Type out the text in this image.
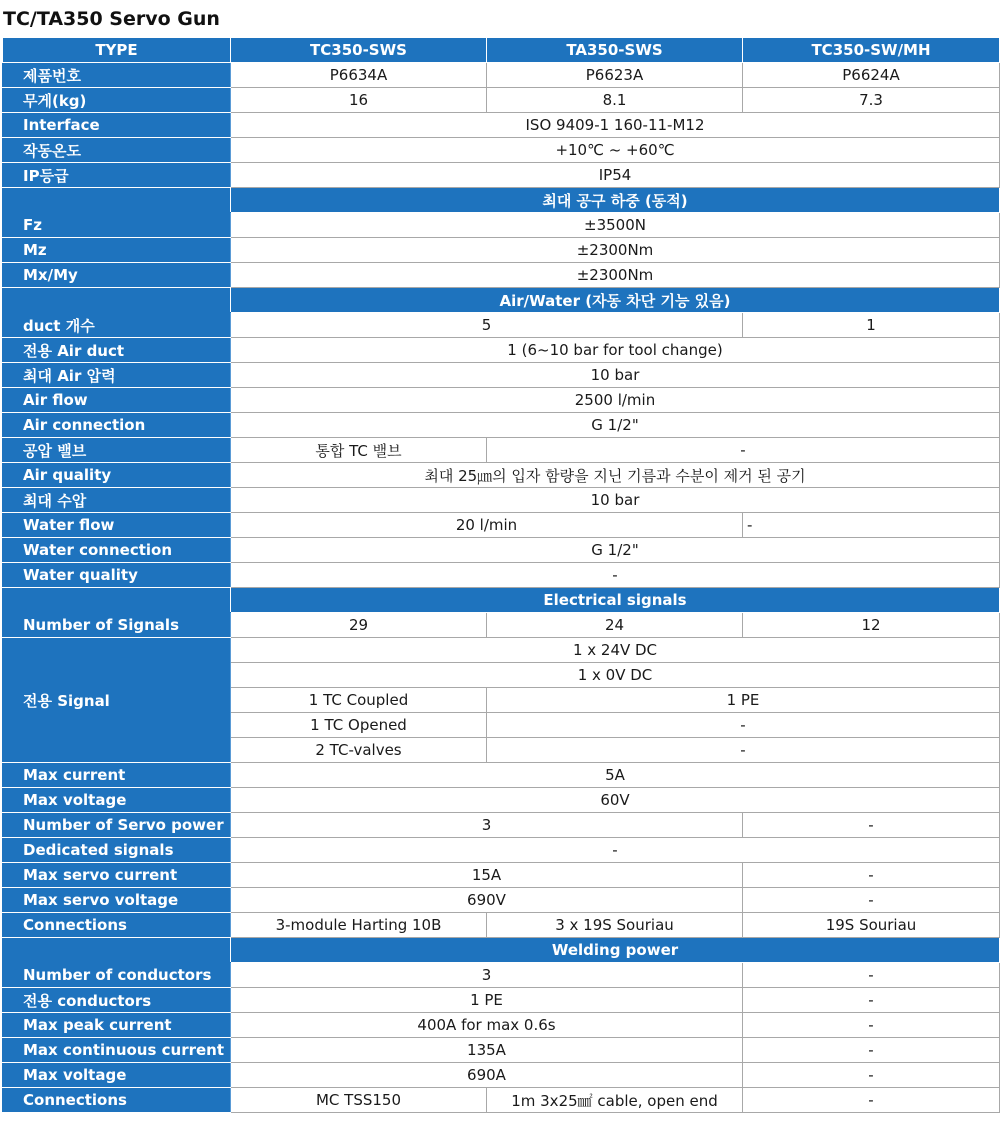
TC/TA350 Servo Gun
TYPE	TC350-SWS	TA350-SWS	TC350-SW/MH
제품번호	P6634A	P6623A	P6624A
무게(kg)	16	8.1	7.3
Interface	ISO 9409-1 160-11-M12		
작동온도	+10℃ ~ +60℃		
IP등급	IP54		
	최대 공구 하중 (동적)		
Fz	±3500N		
Mz	±2300Nm		
Mx/My	±2300Nm		
	Air/Water (자동 차단 기능 있음)		
duct 개수	5		1
전용 Air duct	1 (6~10 bar for tool change)		
최대 Air 압력	10 bar		
Air flow	2500 l/min		
Air connection	G 1/2"		
공압 밸브	통합 TC 밸브	-	
Air quality	최대 25㎛의 입자 함량을 지닌 기름과 수분이 제거 된 공기		
최대 수압	10 bar		
Water flow	20 l/min		-
Water connection	G 1/2"		
Water quality	-		
	Electrical signals		
Number of Signals	29	24	12
전용 Signal	1 x 24V DC		
	1 x 0V DC		
	1 TC Coupled	1 PE	
	1 TC Opened	-	
	2 TC-valves	-	
Max current	5A		
Max voltage	60V		
Number of Servo power	3		-
Dedicated signals	-		
Max servo current	15A		-
Max servo voltage	690V		-
Connections	3-module Harting 10B	3 x 19S Souriau	19S Souriau
	Welding power		
Number of conductors	3		-
전용 conductors	1 PE		-
Max peak current	400A for max 0.6s		-
Max continuous current	135A		-
Max voltage	690A		-
Connections	MC TSS150	1m 3x25㎟ cable, open end	-
